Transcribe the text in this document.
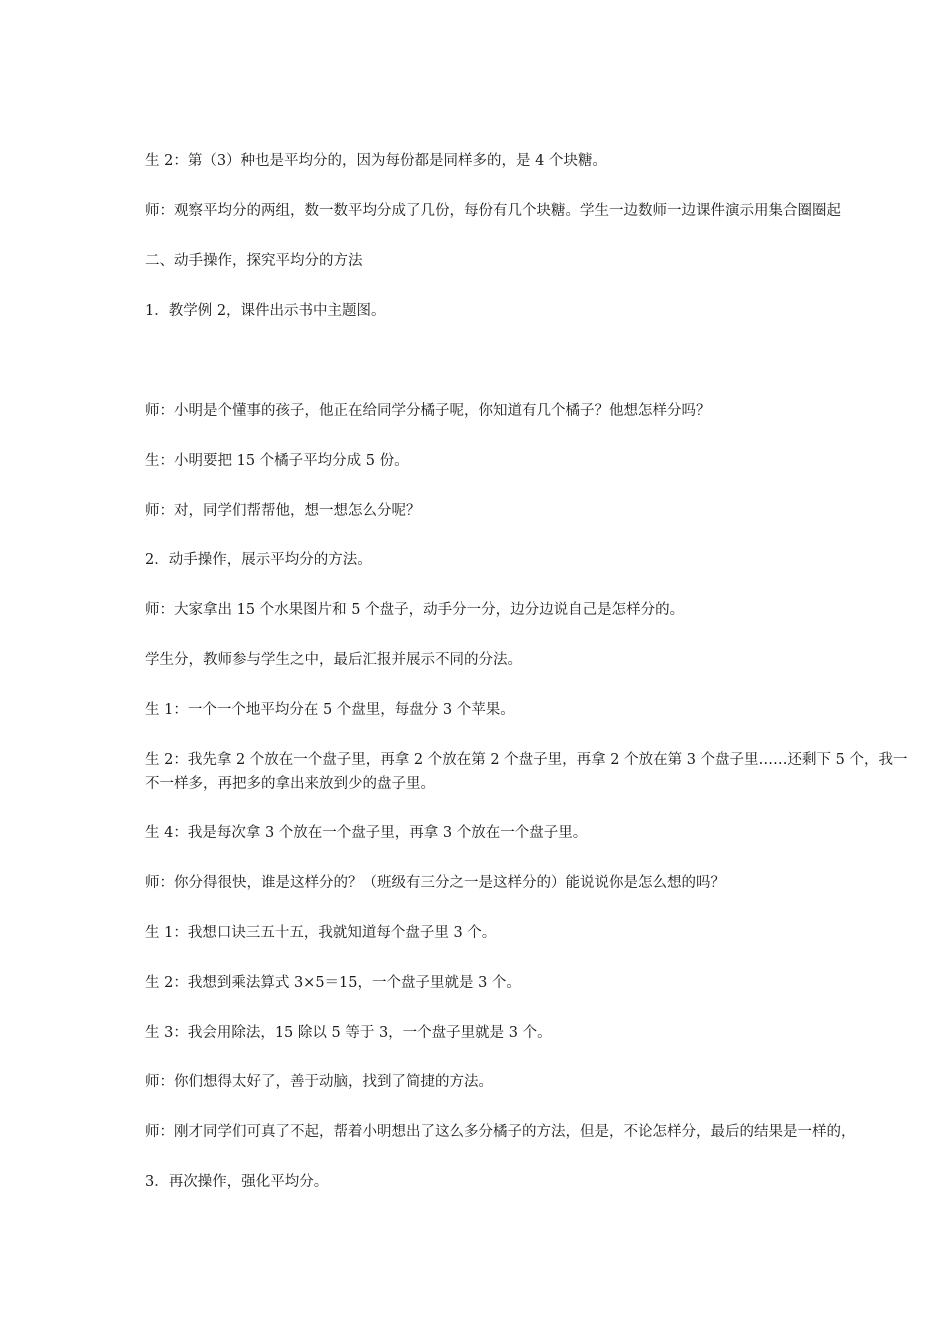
生 2：第（3）种也是平均分的，因为每份都是同样多的，是 4 个块糖。

师：观察平均分的两组，数一数平均分成了几份，每份有几个块糖。学生一边数师一边课件演示用集合圈圈起

二、动手操作，探究平均分的方法

1．教学例 2，课件出示书中主题图。

师：小明是个懂事的孩子，他正在给同学分橘子呢，你知道有几个橘子？他想怎样分吗？

生：小明要把 15 个橘子平均分成 5 份。

师：对，同学们帮帮他，想一想怎么分呢？

2．动手操作，展示平均分的方法。

师：大家拿出 15 个水果图片和 5 个盘子，动手分一分，边分边说自己是怎样分的。

学生分，教师参与学生之中，最后汇报并展示不同的分法。

生 1：一个一个地平均分在 5 个盘里，每盘分 3 个苹果。

生 2：我先拿 2 个放在一个盘子里，再拿 2 个放在第 2 个盘子里，再拿 2 个放在第 3 个盘子里……还剩下 5 个，我一

不一样多，再把多的拿出来放到少的盘子里。

生 4：我是每次拿 3 个放在一个盘子里，再拿 3 个放在一个盘子里。

师：你分得很快，谁是这样分的？（班级有三分之一是这样分的）能说说你是怎么想的吗？

生 1：我想口诀三五十五，我就知道每个盘子里 3 个。

生 2：我想到乘法算式 3×5＝15，一个盘子里就是 3 个。

生 3：我会用除法，15 除以 5 等于 3，一个盘子里就是 3 个。

师：你们想得太好了，善于动脑，找到了简捷的方法。

师：刚才同学们可真了不起，帮着小明想出了这么多分橘子的方法，但是，不论怎样分，最后的结果是一样的，

3．再次操作，强化平均分。
